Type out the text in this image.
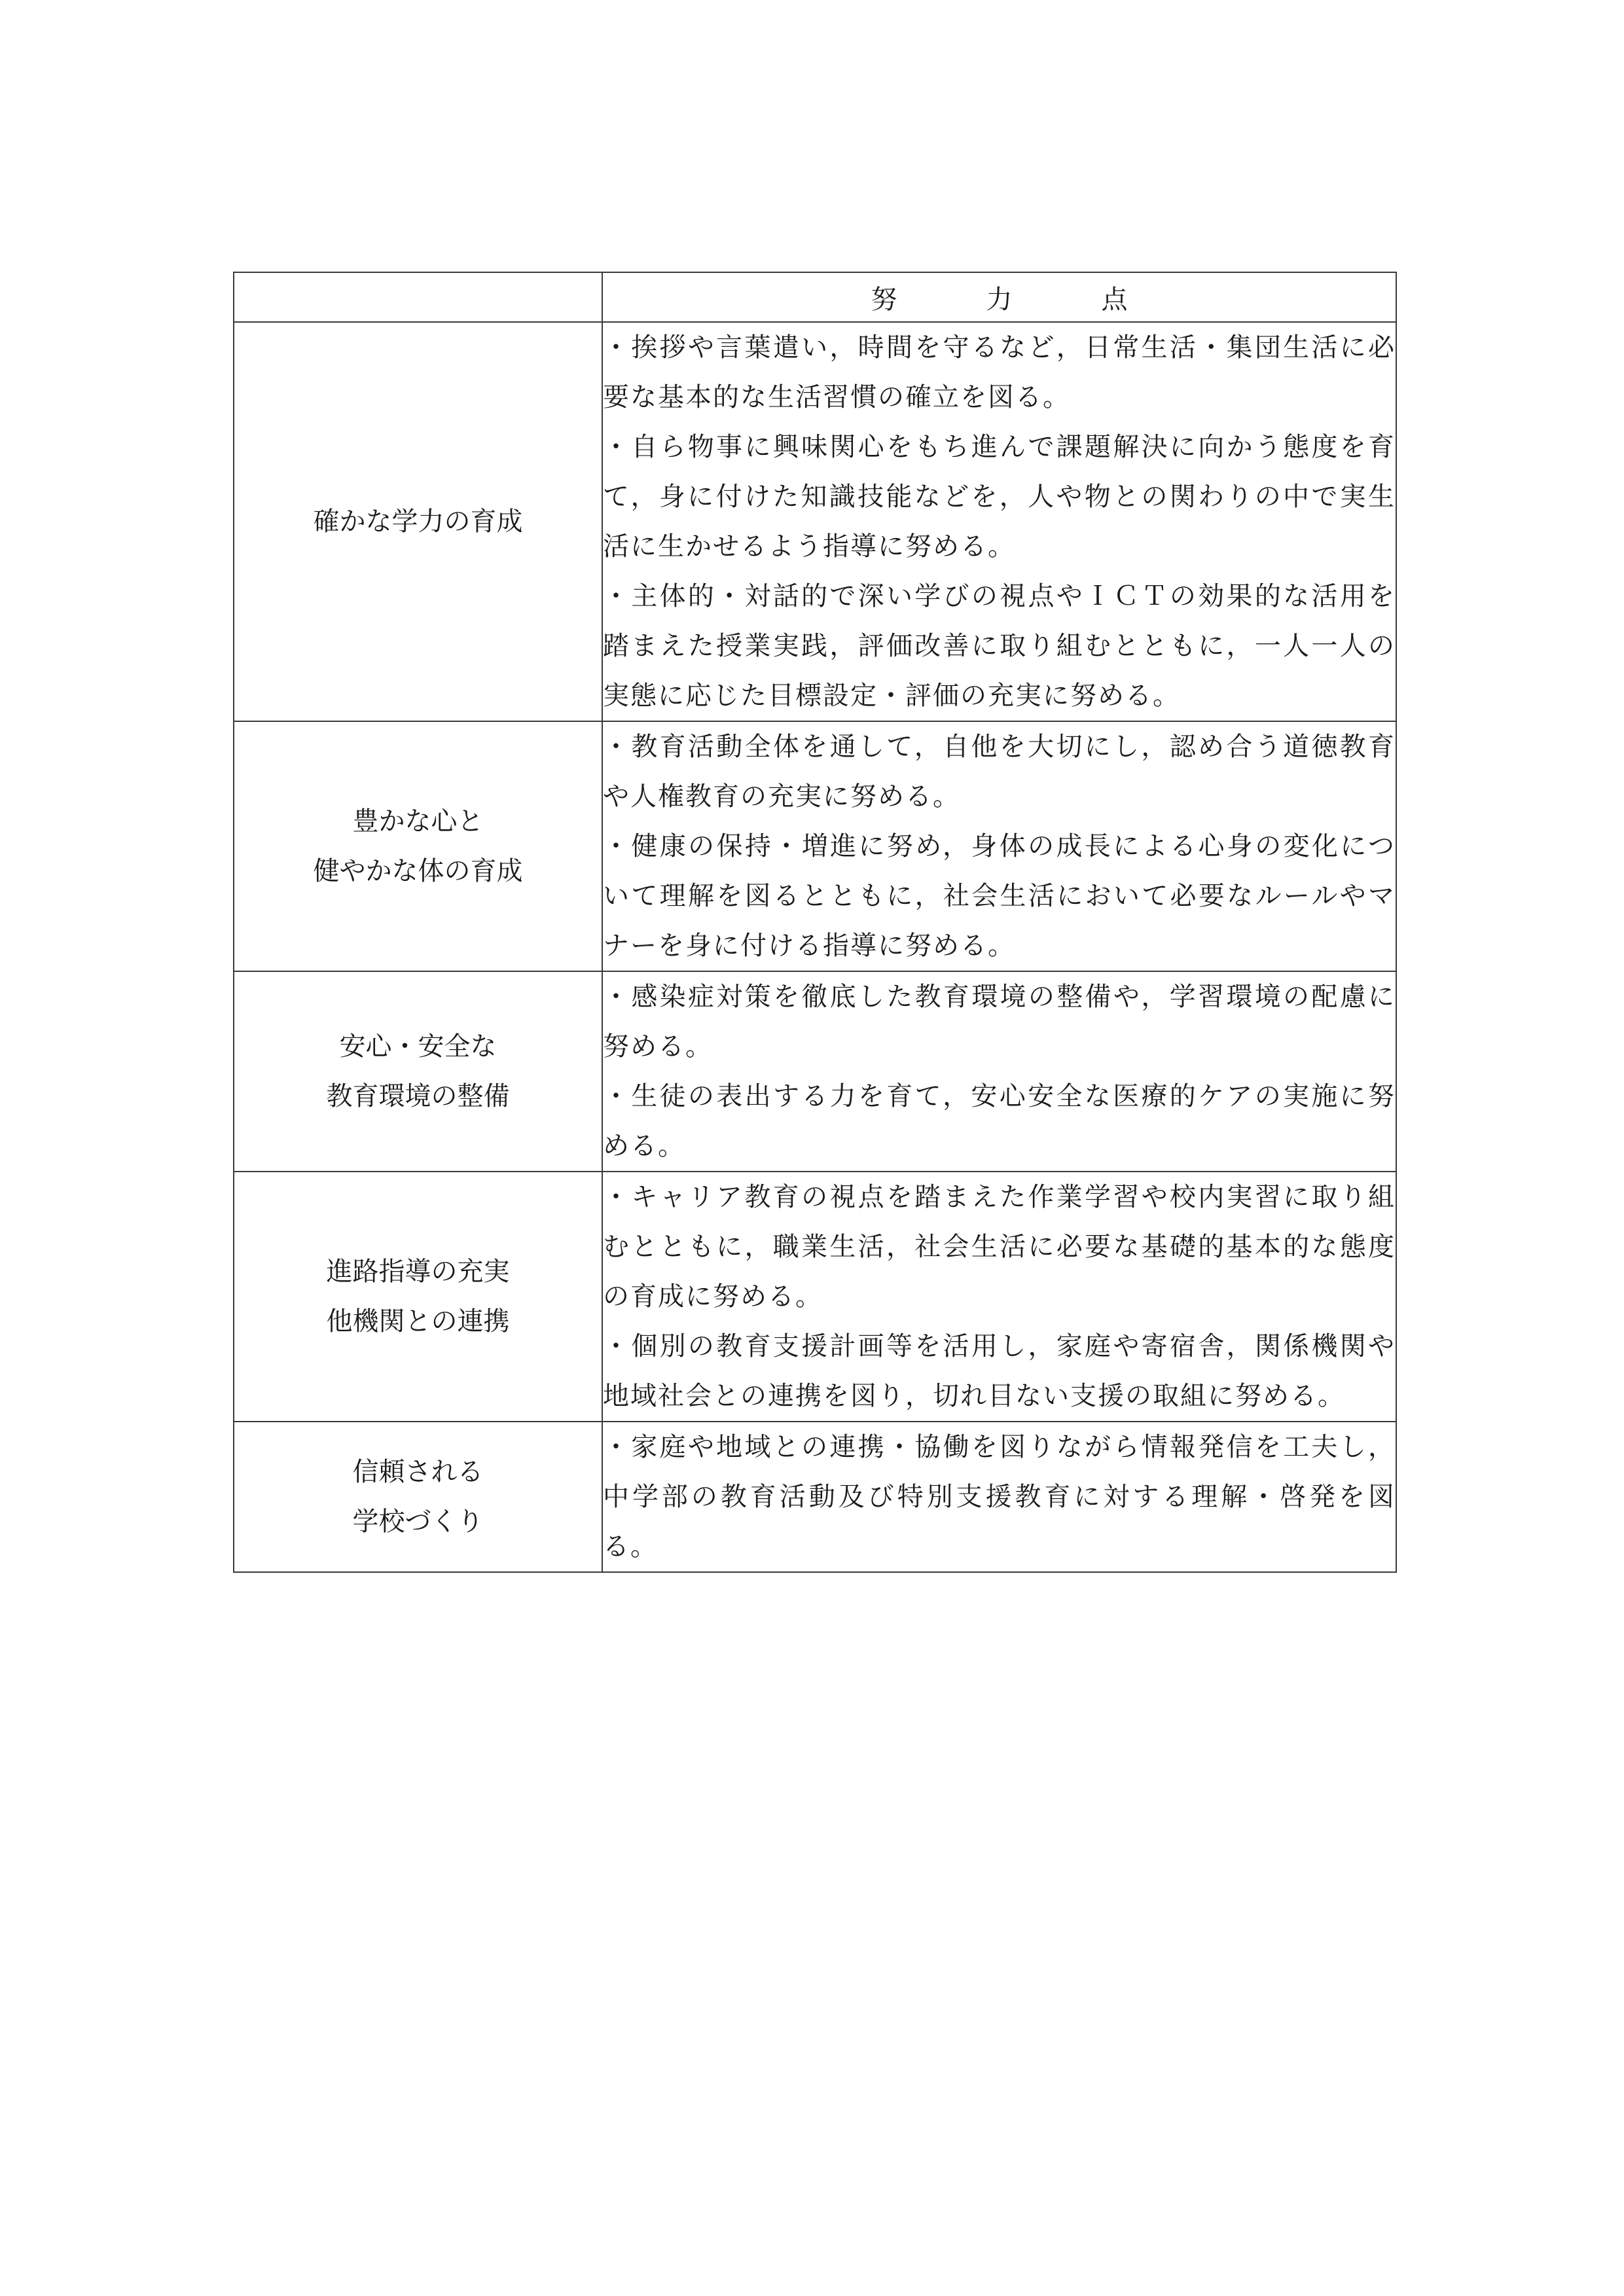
	努　力　点

確かな学力の育成	・挨拶や言葉遣い，時間を守るなど，日常生活・集団生活に必要な基本的な生活習慣の確立を図る。
・自ら物事に興味関心をもち進んで課題解決に向かう態度を育て，身に付けた知識技能などを，人や物との関わりの中で実生活に生かせるよう指導に努める。
・主体的・対話的で深い学びの視点やＩＣＴの効果的な活用を踏まえた授業実践，評価改善に取り組むとともに，一人一人の実態に応じた目標設定・評価の充実に努める。

豊かな心と
健やかな体の育成	・教育活動全体を通して，自他を大切にし，認め合う道徳教育や人権教育の充実に努める。
・健康の保持・増進に努め，身体の成長による心身の変化について理解を図るとともに，社会生活において必要なルールやマナーを身に付ける指導に努める。

安心・安全な
教育環境の整備	・感染症対策を徹底した教育環境の整備や，学習環境の配慮に努める。
・生徒の表出する力を育て，安心安全な医療的ケアの実施に努める。

進路指導の充実
他機関との連携	・キャリア教育の視点を踏まえた作業学習や校内実習に取り組むとともに，職業生活，社会生活に必要な基礎的基本的な態度の育成に努める。
・個別の教育支援計画等を活用し，家庭や寄宿舎，関係機関や地域社会との連携を図り，切れ目ない支援の取組に努める。

信頼される
学校づくり	・家庭や地域との連携・協働を図りながら情報発信を工夫し，中学部の教育活動及び特別支援教育に対する理解・啓発を図る。
